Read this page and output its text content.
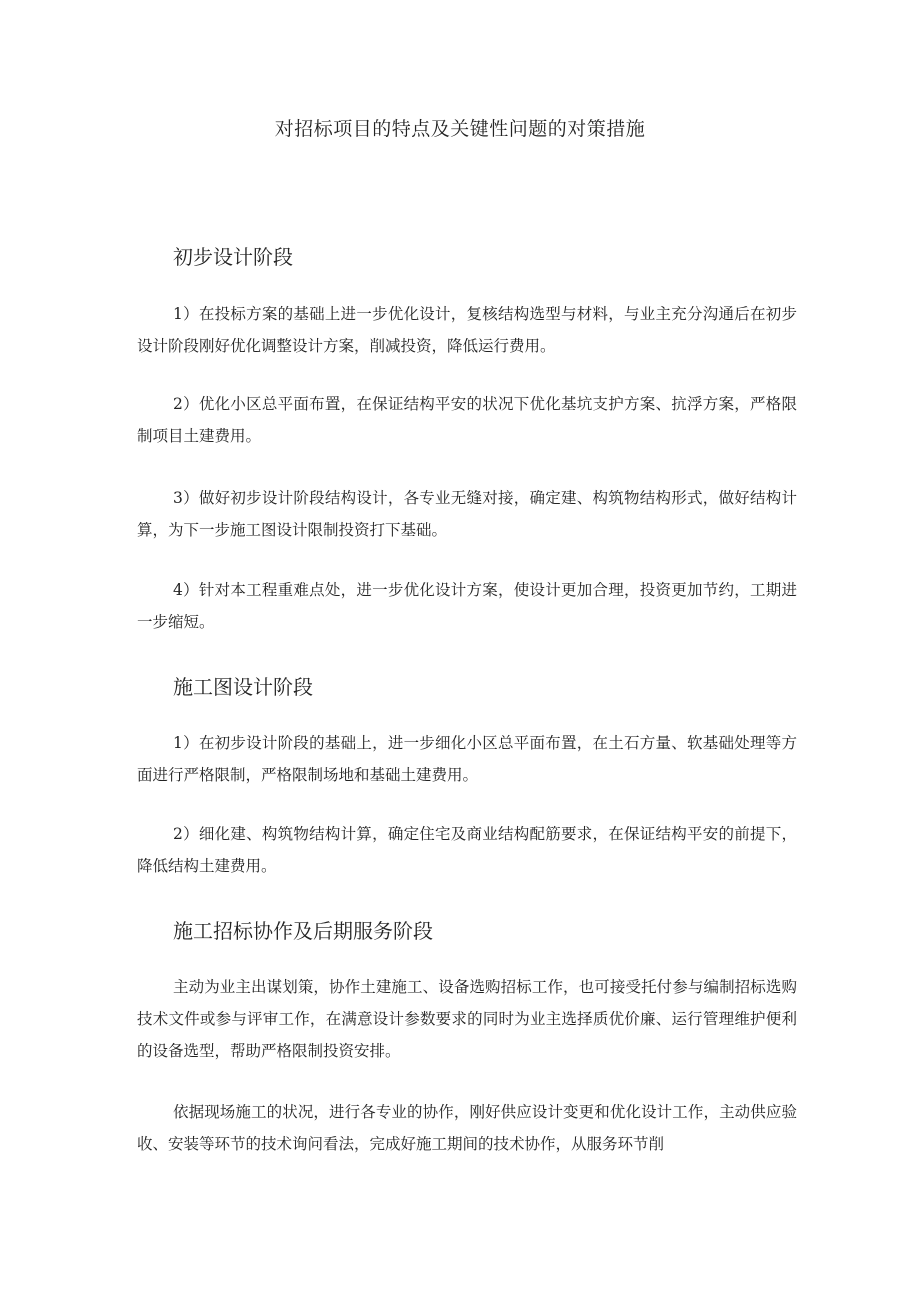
对招标项目的特点及关键性问题的对策措施
初步设计阶段

1）在投标方案的基础上进一步优化设计，复核结构选型与材料，与业主充分沟通后在初步设计阶段刚好优化调整设计方案，削减投资，降低运行费用。

2）优化小区总平面布置，在保证结构平安的状况下优化基坑支护方案、抗浮方案，严格限制项目土建费用。

3）做好初步设计阶段结构设计，各专业无缝对接，确定建、构筑物结构形式，做好结构计算，为下一步施工图设计限制投资打下基础。

4）针对本工程重难点处，进一步优化设计方案，使设计更加合理，投资更加节约，工期进一步缩短。

施工图设计阶段

1）在初步设计阶段的基础上，进一步细化小区总平面布置，在土石方量、软基础处理等方面进行严格限制，严格限制场地和基础土建费用。

2）细化建、构筑物结构计算，确定住宅及商业结构配筋要求，在保证结构平安的前提下，降低结构土建费用。

施工招标协作及后期服务阶段

主动为业主出谋划策，协作土建施工、设备选购招标工作，也可接受托付参与编制招标选购技术文件或参与评审工作，在满意设计参数要求的同时为业主选择质优价廉、运行管理维护便利的设备选型，帮助严格限制投资安排。

依据现场施工的状况，进行各专业的协作，刚好供应设计变更和优化设计工作，主动供应验收、安装等环节的技术询问看法，完成好施工期间的技术协作，从服务环节削
